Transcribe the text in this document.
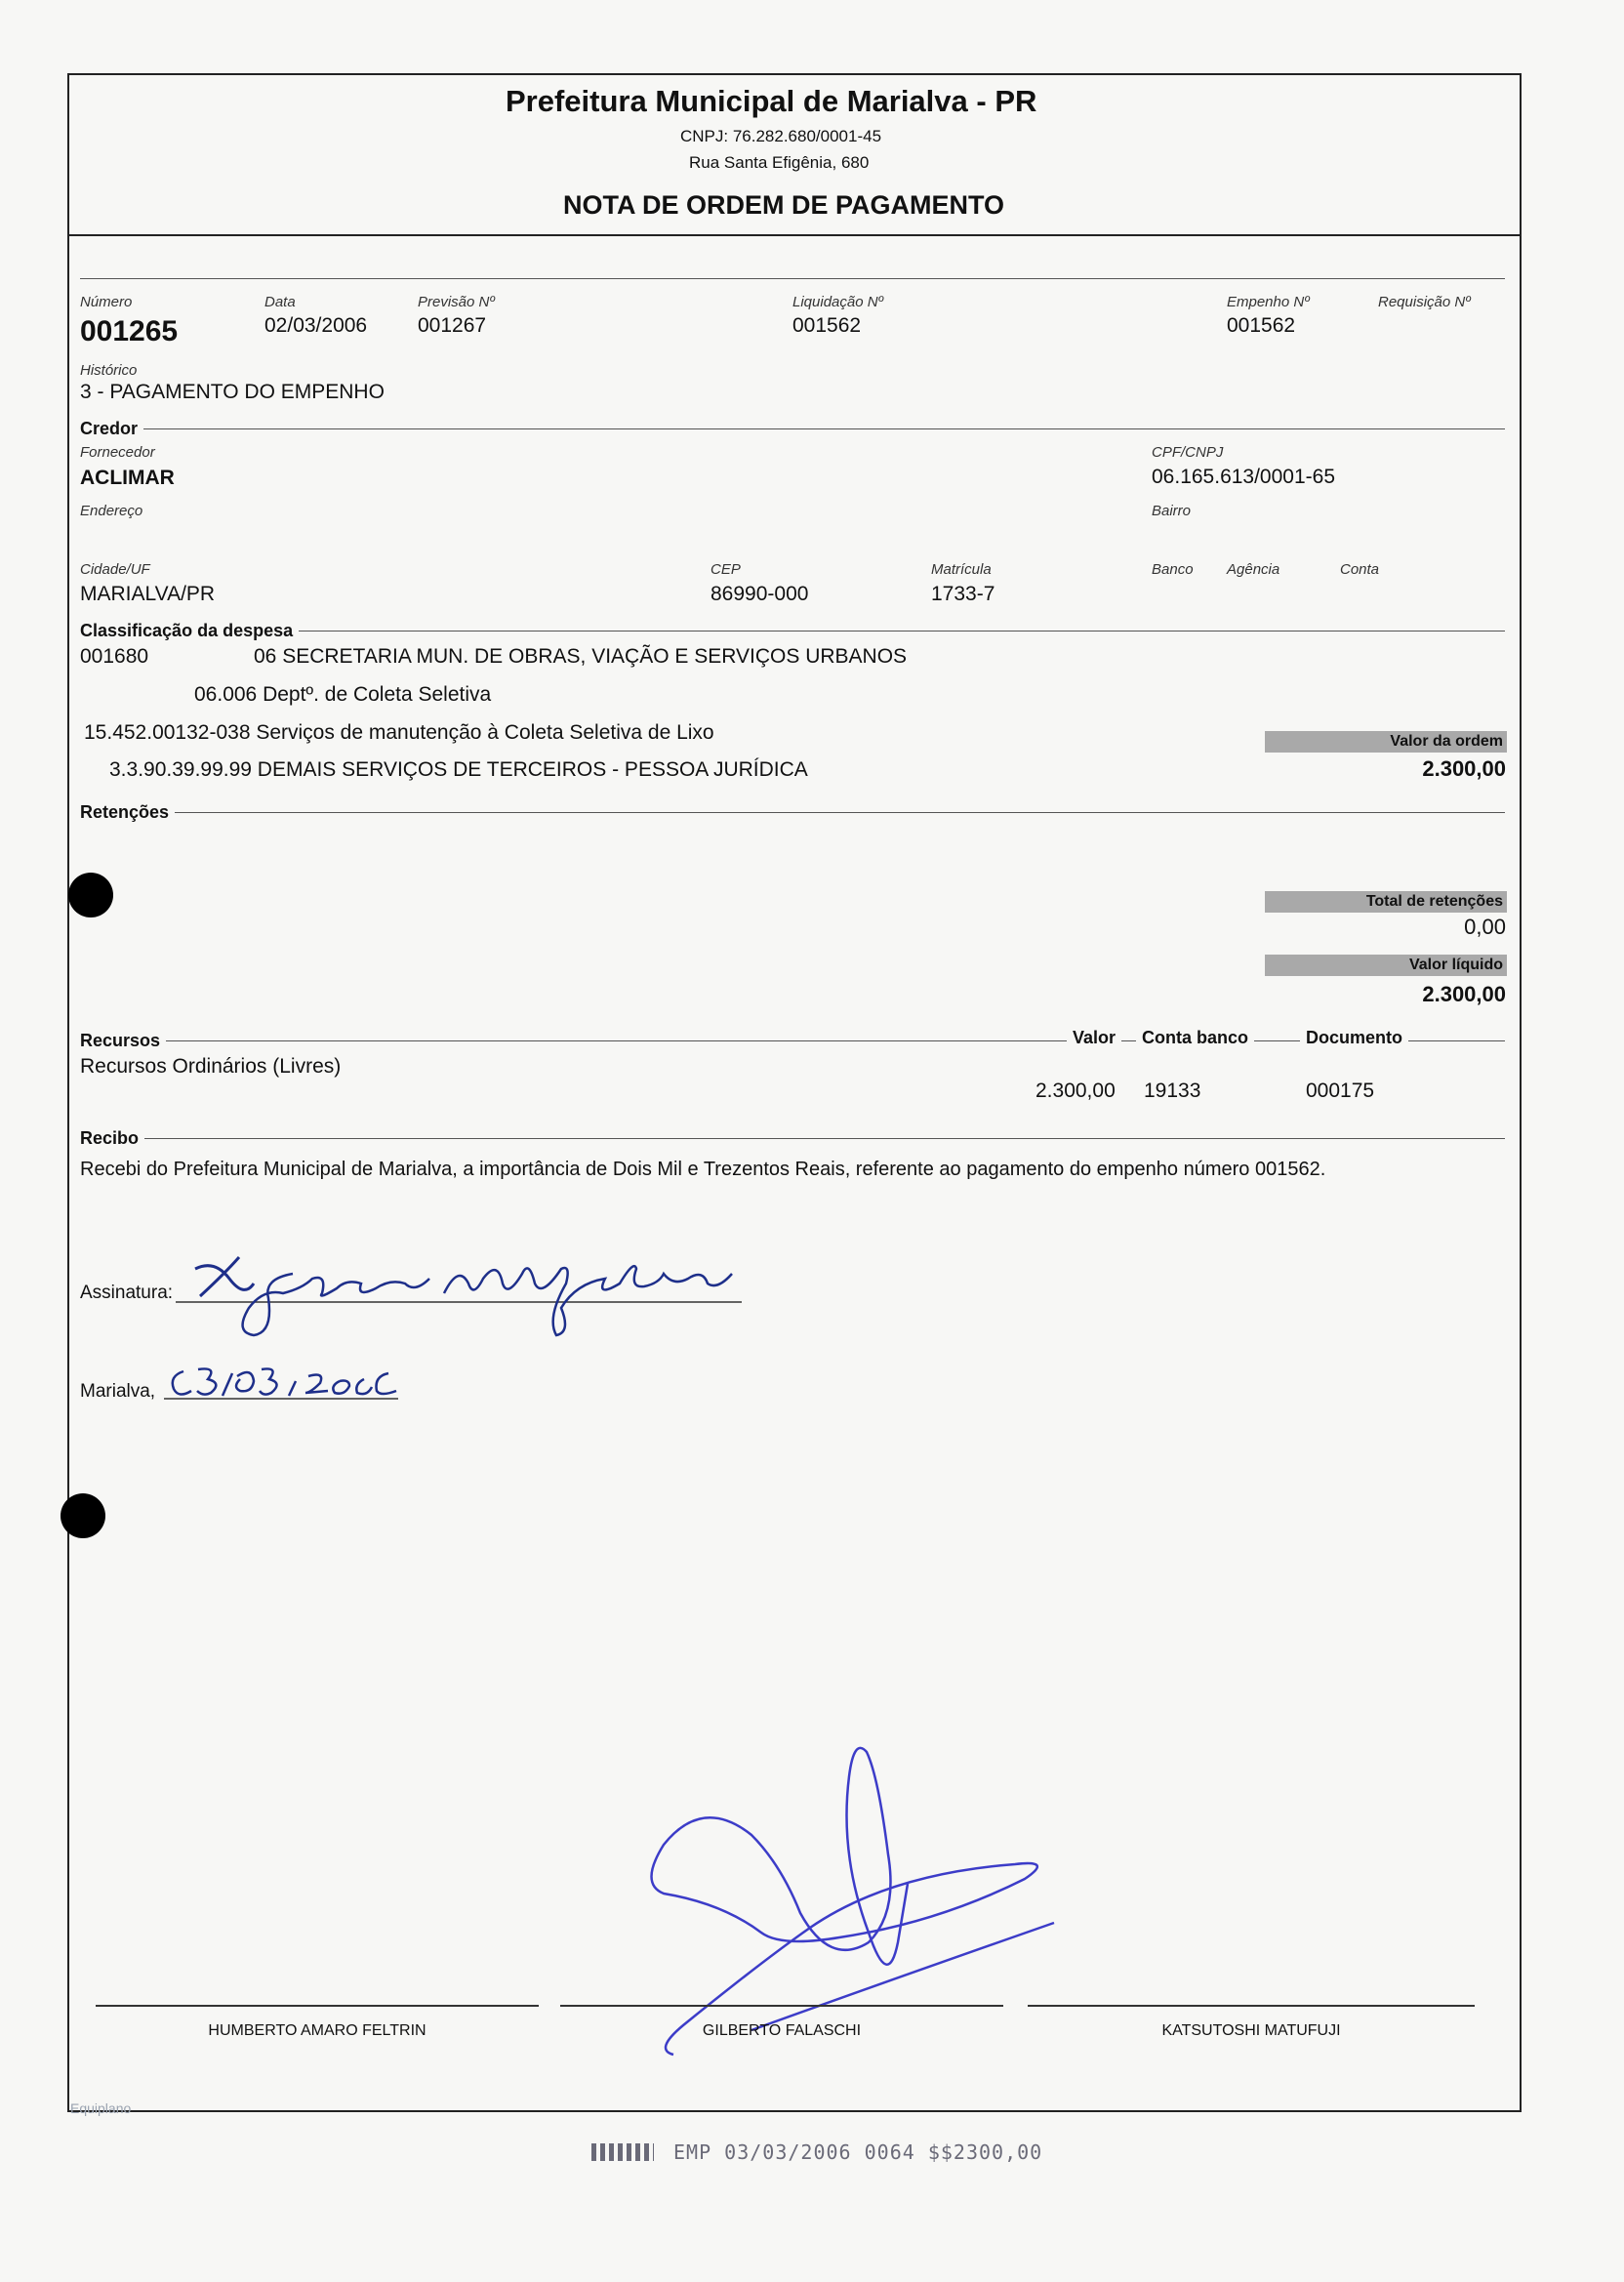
Prefeitura Municipal de Marialva - PR
CNPJ: 76.282.680/0001-45
Rua Santa Efigênia, 680
NOTA DE ORDEM DE PAGAMENTO
Número
001265
Data
02/03/2006
Previsão Nº
001267
Liquidação Nº
001562
Empenho Nº
001562
Requisição Nº
Histórico
3 - PAGAMENTO DO EMPENHO
Credor
Fornecedor
ACLIMAR
CPF/CNPJ
06.165.613/0001-65
Endereço	Bairro
Cidade/UF
MARIALVA/PR
CEP
86990-000
Matrícula
1733-7
Banco Agência	Conta
Classificação da despesa
001680	06 SECRETARIA MUN. DE OBRAS, VIAÇÃO E SERVIÇOS URBANOS
06.006 Deptº. de Coleta Seletiva
15.452.00132-038 Serviços de manutenção à Coleta Seletiva de Lixo
3.3.90.39.99.99 DEMAIS SERVIÇOS DE TERCEIROS - PESSOA JURÍDICA
Valor da ordem
2.300,00
Retenções
Total de retenções
0,00
Valor líquido
2.300,00
Recursos	Valor	Conta banco	Documento
Recursos Ordinários (Livres)
2.300,00 19133	000175
Recibo
Recebi do Prefeitura Municipal de Marialva, a importância de Dois Mil e Trezentos Reais, referente ao pagamento do empenho número 001562.
Assinatura:
Marialva,
HUMBERTO AMARO FELTRIN	GILBERTO FALASCHI	KATSUTOSHI MATUFUJI
Equiplano
EMP 03/03/2006 0064 $$2300,00
